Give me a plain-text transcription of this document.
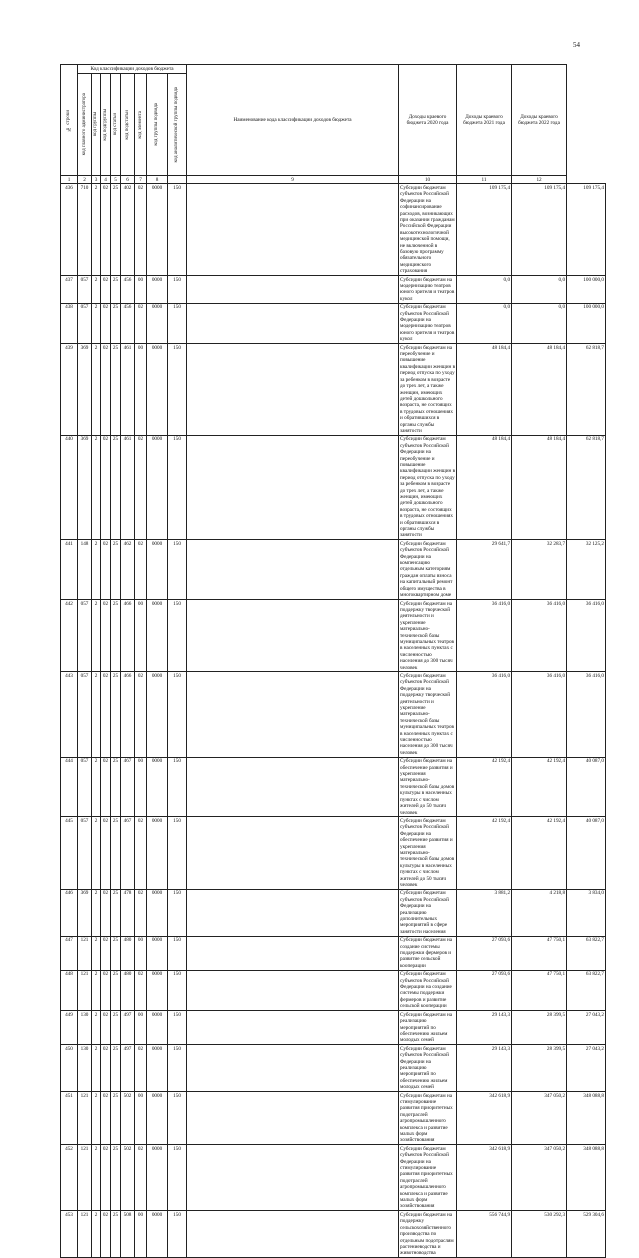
54
№ строки	Код классификации доходов бюджета								Наименование кода классификации доходов бюджета	Доходы краевого бюджета 2020 года	Доходы краевого бюджета 2021 года	Доходы краевого бюджета 2022 года	

	код главного администратора	код группы	код подгруппы	код статьи	код подстатьи	код элемента	код группы подвида	код аналитической группы подвида					

1	2	3	4	5	6	7	8		9	10	11	12	
436	710	2	02	25	402	02	0000	150		Субсидии бюджетам субъектов Российской Федерации на софинансирование расходов, возникающих при оказании гражданам Российской Федерации высокотехнологичной медицинской помощи, не включенной в базовую программу обязательного медицинского страхования	109 175,4	109 175,4	109 175,4
437	057	2	02	25	456	00	0000	150		Субсидии бюджетам на модернизацию театров юного зрителя и театров кукол	0,0	0,0	100 000,0
438	057	2	02	25	456	02	0000	150		Субсидии бюджетам субъектов Российской Федерации на модернизацию театров юного зрителя и театров кукол	0,0	0,0	100 000,0
439	369	2	02	25	461	00	0000	150		Субсидии бюджетам на переобучение и повышение квалификации женщин в период отпуска по уходу за ребенком в возрасте до трех лет, а также женщин, имеющих детей дошкольного возраста, не состоящих в трудовых отношениях и обратившихся в органы службы занятости	48 184,4	48 184,4	62 818,7
440	369	2	02	25	461	02	0000	150		Субсидии бюджетам субъектов Российской Федерации на переобучение и повышение квалификации женщин в период отпуска по уходу за ребенком в возрасте до трех лет, а также женщин, имеющих детей дошкольного возраста, не состоящих в трудовых отношениях и обратившихся в органы службы занятости	48 184,4	48 184,4	62 818,7
441	148	2	02	25	462	02	0000	150		Субсидии бюджетам субъектов Российской Федерации на компенсацию отдельным категориям граждан оплаты взноса на капитальный ремонт общего имущества в многоквартирном доме	29 641,7	32 283,7	32 125,2
442	057	2	02	25	466	00	0000	150		Субсидии бюджетам на поддержку творческой деятельности и укрепление материально-технической базы муниципальных театров в населенных пунктах с численностью населения до 300 тысяч человек	36 416,0	36 416,0	36 416,0
443	057	2	02	25	466	02	0000	150		Субсидии бюджетам субъектов Российской Федерации на поддержку творческой деятельности и укрепление материально-технической базы муниципальных театров в населенных пунктах с численностью населения до 300 тысяч человек	36 416,0	36 416,0	36 416,0
444	057	2	02	25	467	00	0000	150		Субсидии бюджетам на обеспечение развития и укрепления материально-технической базы домов культуры в населенных пунктах с числом жителей до 50 тысяч человек	42 192,4	42 192,4	40 087,0
445	057	2	02	25	467	02	0000	150		Субсидии бюджетам субъектов Российской Федерации на обеспечение развития и укрепления материально-технической базы домов культуры в населенных пунктах с числом жителей до 50 тысяч человек	42 192,4	42 192,4	40 087,0
446	369	2	02	25	478	02	0000	150		Субсидии бюджетам субъектов Российской Федерации на реализацию дополнительных мероприятий в сфере занятости населения	3 881,2	4 218,8	3 834,0
447	121	2	02	25	480	00	0000	150		Субсидии бюджетам на создание системы поддержки фермеров и развитие сельской кооперации	27 093,6	47 750,1	63 822,7
448	121	2	02	25	480	02	0000	150		Субсидии бюджетам субъектов Российской Федерации на создание системы поддержки фермеров и развитие сельской кооперации	27 093,6	47 750,1	63 822,7
449	130	2	02	25	497	00	0000	150		Субсидии бюджетам на реализацию мероприятий по обеспечению жильем молодых семей	29 143,3	28 399,5	27 043,2
450	130	2	02	25	497	02	0000	150		Субсидии бюджетам субъектов Российской Федерации на реализацию мероприятий по обеспечению жильем молодых семей	29 143,3	28 399,5	27 043,2
451	121	2	02	25	502	00	0000	150		Субсидии бюджетам на стимулирование развития приоритетных подотраслей агропромышленного комплекса и развитие малых форм хозяйствования	342 618,9	347 050,2	348 088,8
452	121	2	02	25	502	02	0000	150		Субсидии бюджетам субъектов Российской Федерации на стимулирование развития приоритетных подотраслей агропромышленного комплекса и развитие малых форм хозяйствования	342 618,9	347 050,2	348 088,8
453	121	2	02	25	508	00	0000	150		Субсидии бюджетам на поддержку сельскохозяйственного производства по отдельным подотраслям растениеводства и животноводства	556 744,9	530 292,3	529 304,6
